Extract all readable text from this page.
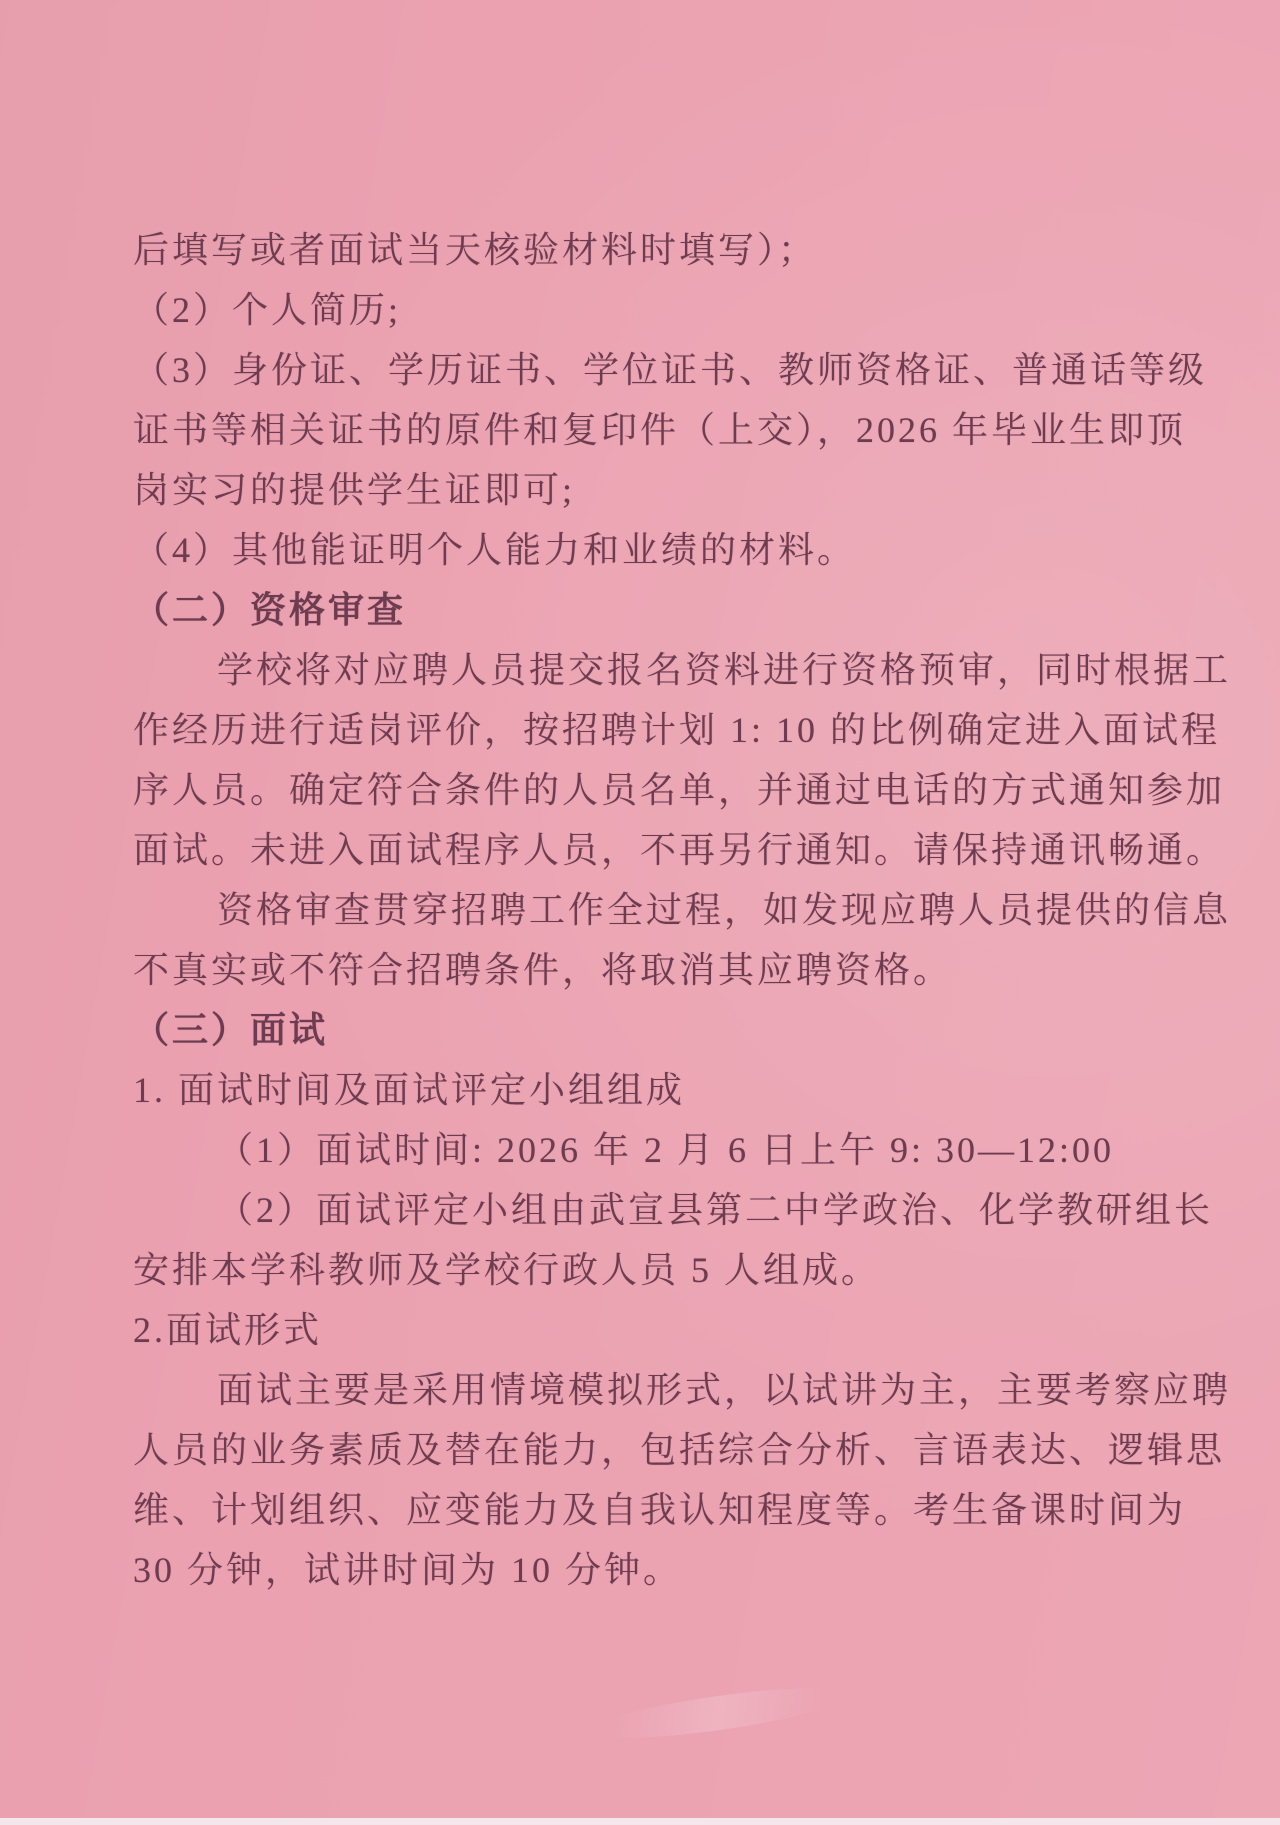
后填写或者面试当天核验材料时填写）；

（2）个人简历;

（3）身份证、学历证书、学位证书、教师资格证、普通话等级

证书等相关证书的原件和复印件（上交），2026 年毕业生即顶

岗实习的提供学生证即可;

（4）其他能证明个人能力和业绩的材料。

（二）资格审查

学校将对应聘人员提交报名资料进行资格预审，同时根据工

作经历进行适岗评价，按招聘计划 1: 10 的比例确定进入面试程

序人员。确定符合条件的人员名单，并通过电话的方式通知参加

面试。未进入面试程序人员，不再另行通知。请保持通讯畅通。

资格审查贯穿招聘工作全过程，如发现应聘人员提供的信息

不真实或不符合招聘条件，将取消其应聘资格。

（三）面试

1. 面试时间及面试评定小组组成

（1）面试时间: 2026 年 2 月 6 日上午 9: 30—12:00

（2）面试评定小组由武宣县第二中学政治、化学教研组长

安排本学科教师及学校行政人员 5 人组成。

2.面试形式

面试主要是采用情境模拟形式，以试讲为主，主要考察应聘

人员的业务素质及替在能力，包括综合分析、言语表达、逻辑思

维、计划组织、应变能力及自我认知程度等。考生备课时间为

30 分钟，试讲时间为 10 分钟。
